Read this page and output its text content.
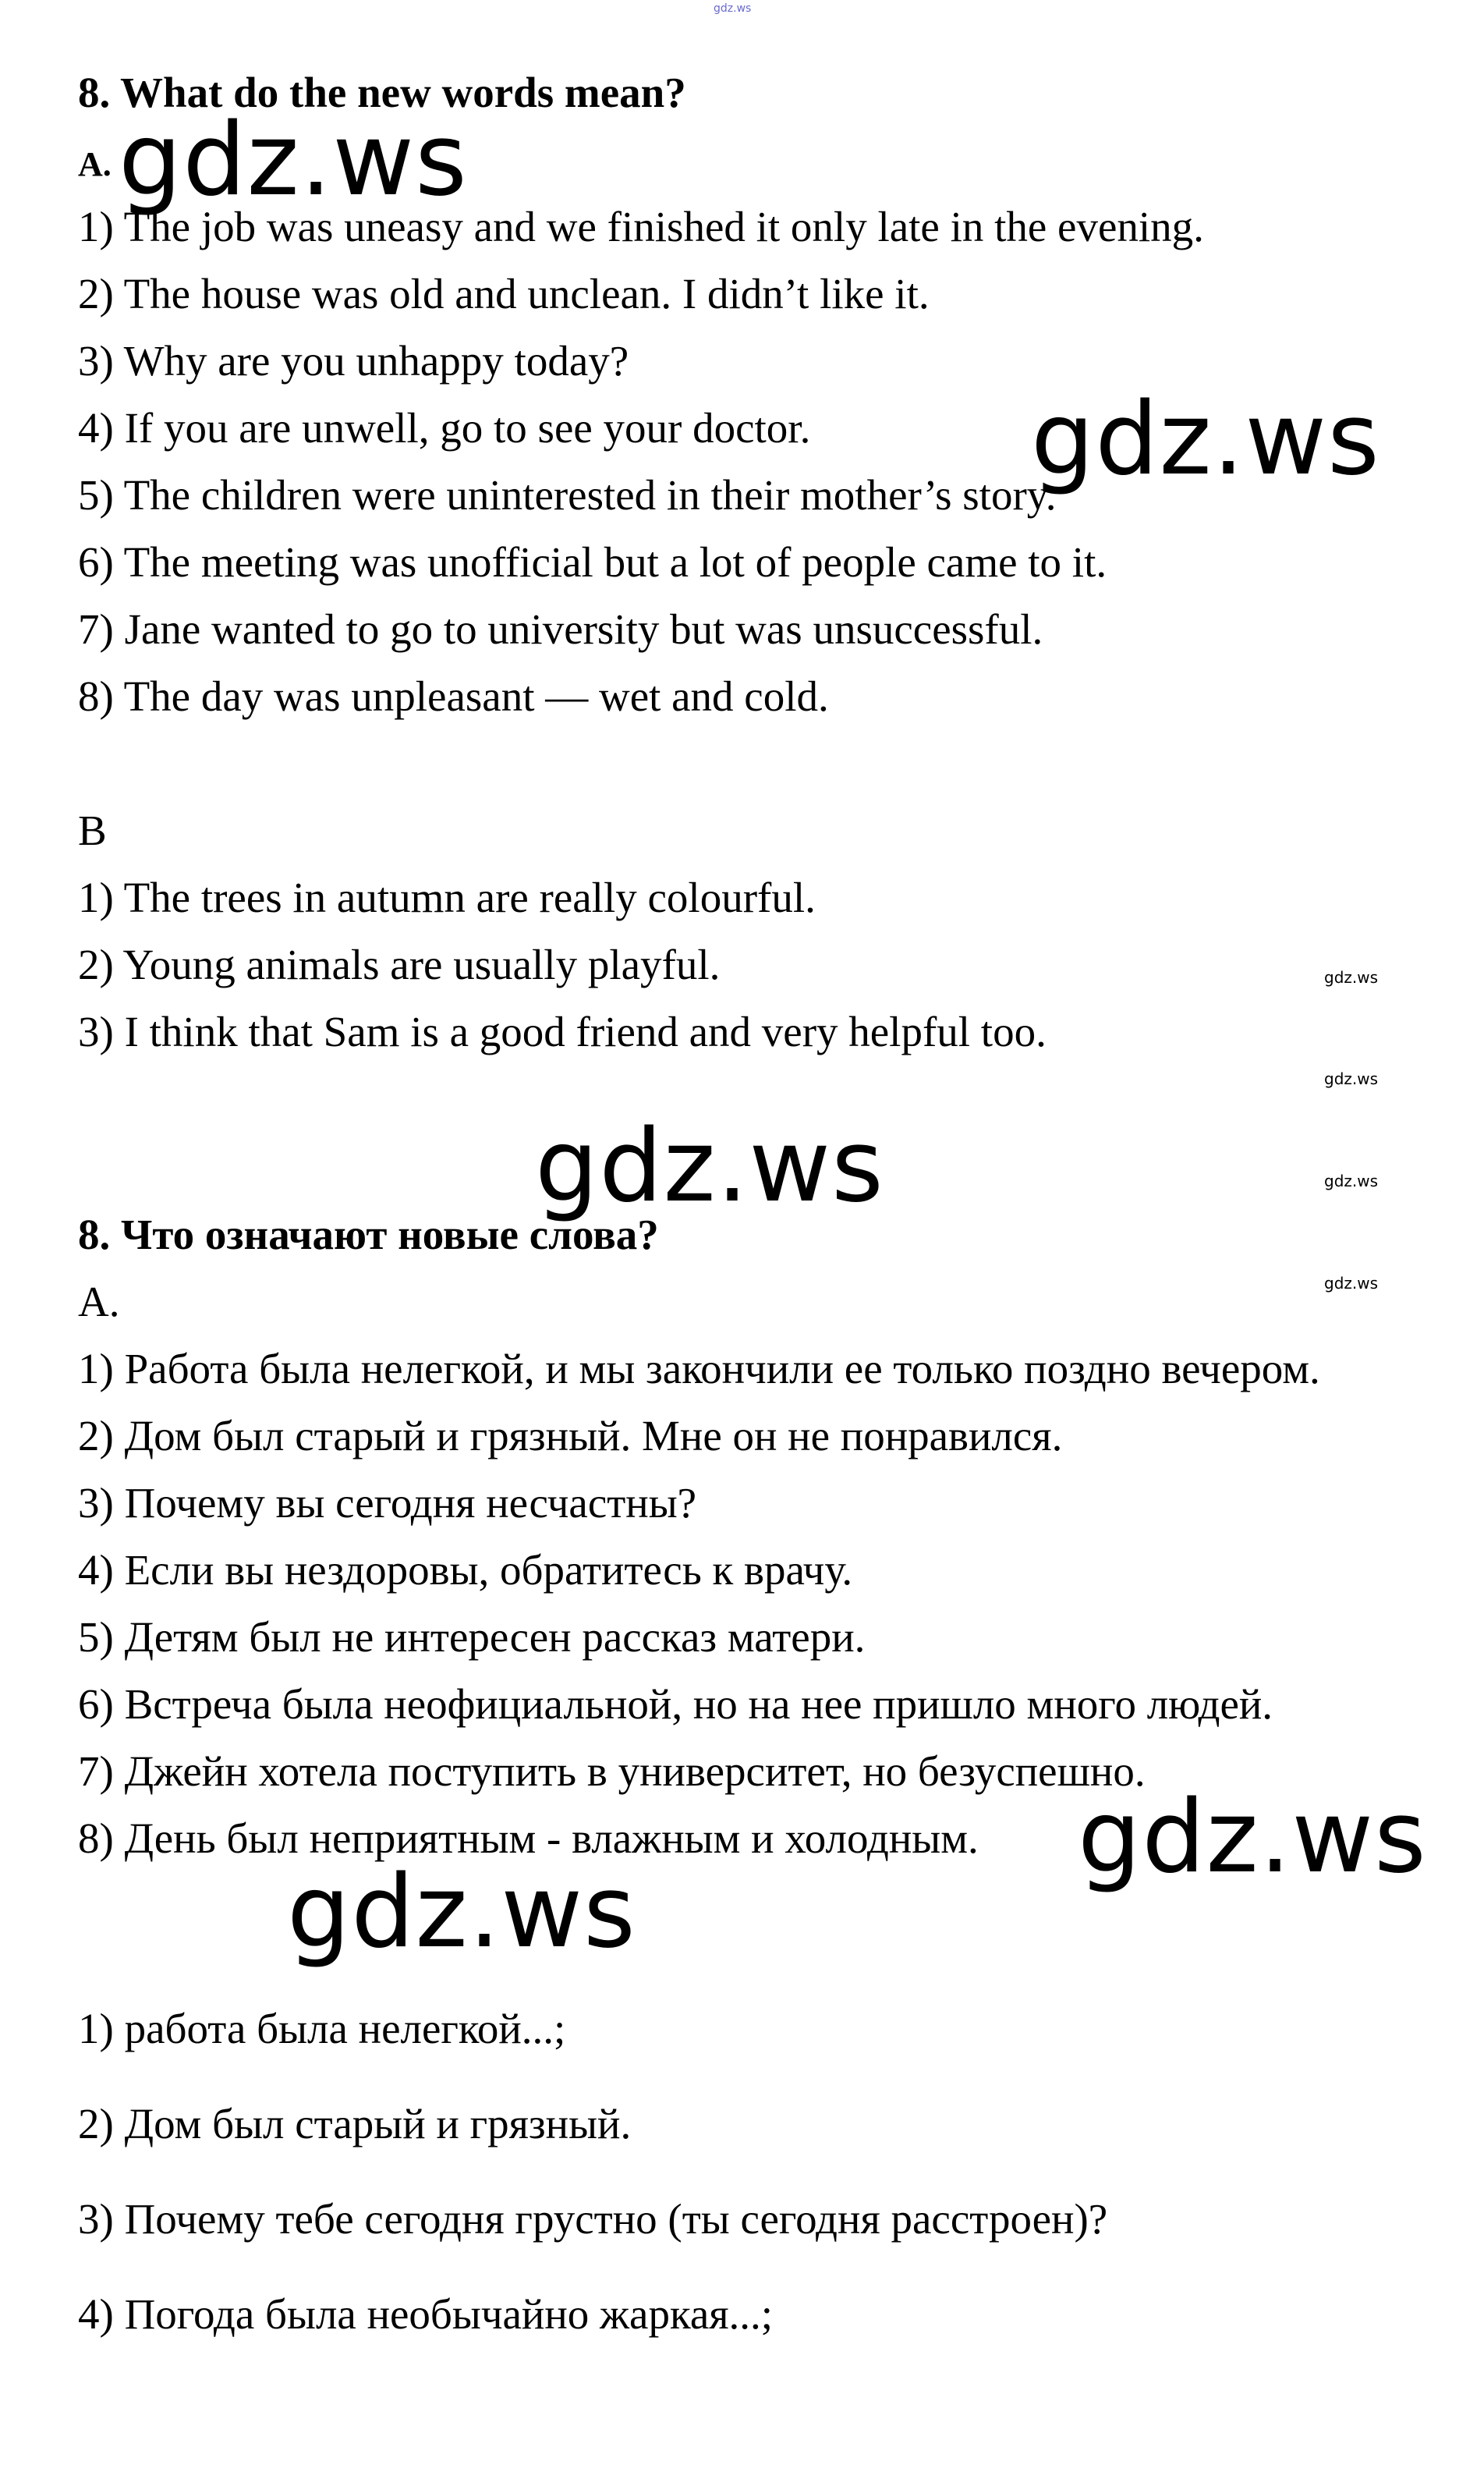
gdz.ws
8. What do the new words mean?
A.
1) The job was uneasy and we finished it only late in the evening.
2) The house was old and unclean. I didn’t like it.
3) Why are you unhappy today?
4) If you are unwell, go to see your doctor.
5) The children were uninterested in their mother’s story.
6) The meeting was unofficial but a lot of people came to it.
7) Jane wanted to go to university but was unsuccessful.
8) The day was unpleasant — wet and cold.
B
1) The trees in autumn are really colourful.
2) Young animals are usually playful.
3) I think that Sam is a good friend and very helpful too.
8. Что означают новые слова?
A.
1) Работа была нелегкой, и мы закончили ее только поздно вечером.
2) Дом был старый и грязный. Мне он не понравился.
3) Почему вы сегодня несчастны?
4) Если вы нездоровы, обратитесь к врачу.
5) Детям был не интересен рассказ матери.
6) Встреча была неофициальной, но на нее пришло много людей.
7) Джейн хотела поступить в университет, но безуспешно.
8) День был неприятным - влажным и холодным.
1) работа была нелегкой...;
2) Дом был старый и грязный.
3) Почему тебе сегодня грустно (ты сегодня расстроен)?
4) Погода была необычайно жаркая...;
gdz.ws
gdz.ws
gdz.ws
gdz.ws
gdz.ws
gdz.ws
gdz.ws
gdz.ws
gdz.ws
